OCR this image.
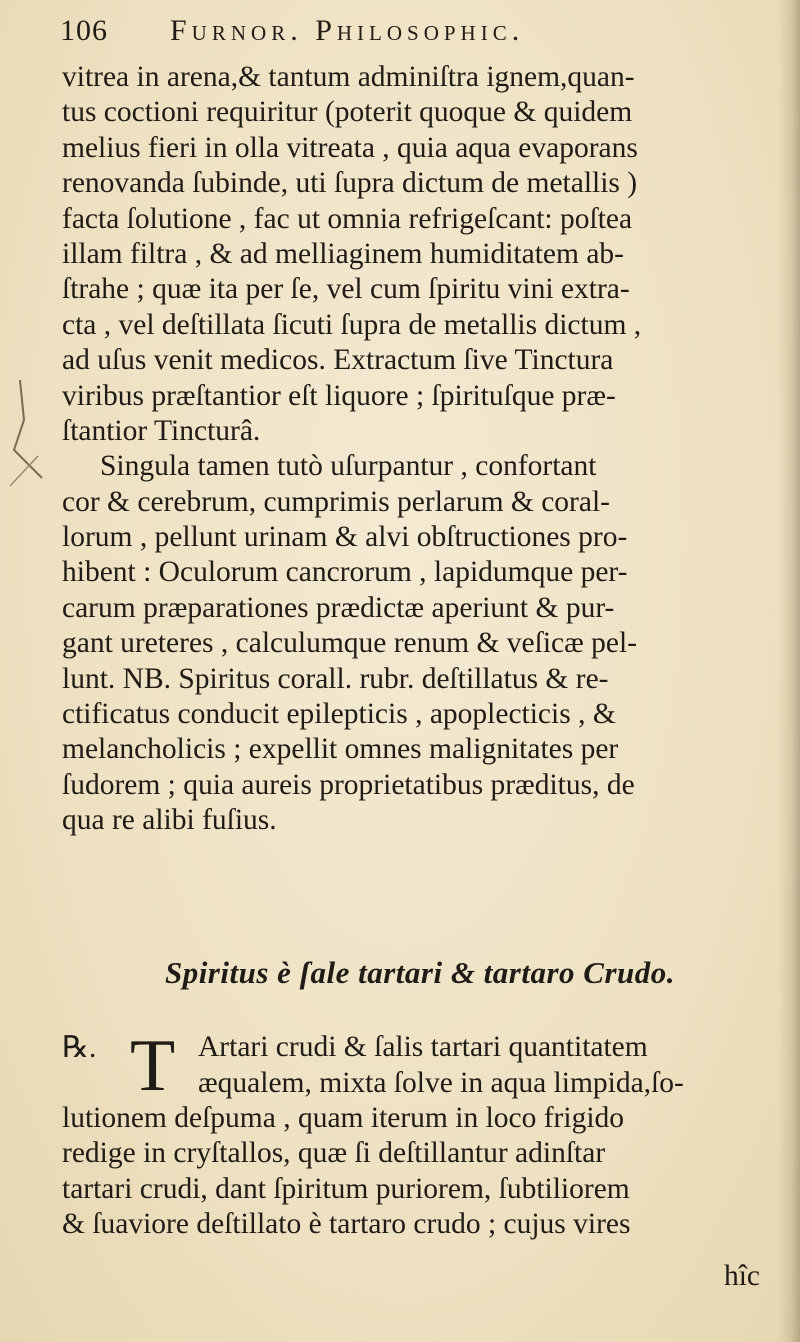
106	Furnor. Philosophic.
vitrea in arena,& tantum adminiſtra ignem,quan-
tus coctioni requiritur (poterit quoque & quidem
melius fieri in olla vitreata , quia aqua evaporans
renovanda ſubinde, uti ſupra dictum de metallis )
facta ſolutione , fac ut omnia refrigeſcant: poſtea
illam filtra , & ad melliaginem humiditatem ab-
ſtrahe ; quæ ita per ſe, vel cum ſpiritu vini extra-
cta , vel deſtillata ſicuti ſupra de metallis dictum ,
ad uſus venit medicos. Extractum ſive Tinctura
viribus præſtantior eſt liquore ; ſpirituſque præ-
ſtantior Tincturâ.
Singula tamen tutò uſurpantur , confortant
cor & cerebrum, cumprimis perlarum & coral-
lorum , pellunt urinam & alvi obſtructiones pro-
hibent : Oculorum cancrorum , lapidumque per-
carum præparationes prædictæ aperiunt & pur-
gant ureteres , calculumque renum & veſicæ pel-
lunt. NB. Spiritus corall. rubr. deſtillatus & re-
ctificatus conducit epilepticis , apoplecticis , &
melancholicis ; expellit omnes malignitates per
ſudorem ; quia aureis proprietatibus præditus, de
qua re alibi fuſius.
Spiritus è ſale tartari & tartaro Crudo.
℞. T Artari crudi & ſalis tartari quantitatem
æqualem, mixta ſolve in aqua limpida,ſo-
lutionem deſpuma , quam iterum in loco frigido
redige in cryſtallos, quæ ſi deſtillantur adinſtar
tartari crudi, dant ſpiritum puriorem, ſubtiliorem
& ſuaviore deſtillato è tartaro crudo ; cujus vires
hîc
